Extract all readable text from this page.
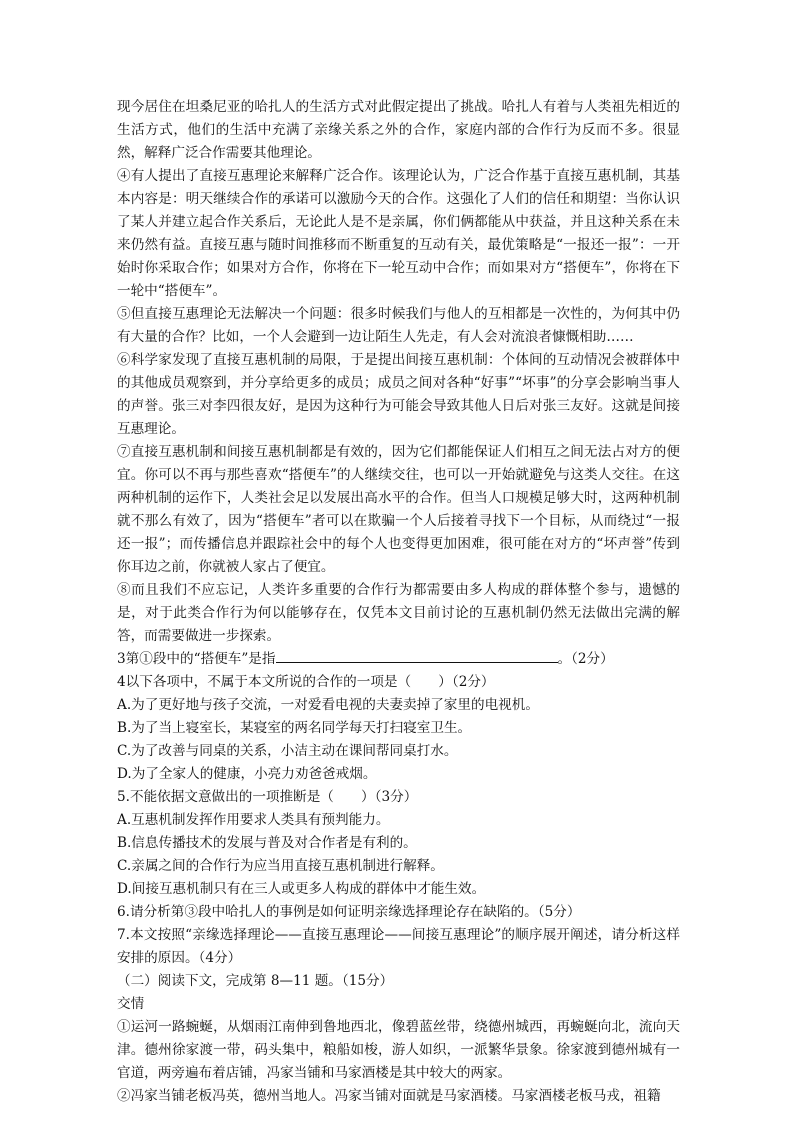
现今居住在坦桑尼亚的哈扎人的生活方式对此假定提出了挑战。哈扎人有着与人类祖先相近的生活方式，他们的生活中充满了亲缘关系之外的合作，家庭内部的合作行为反而不多。很显然，解释广泛合作需要其他理论。

④有人提出了直接互惠理论来解释广泛合作。该理论认为，广泛合作基于直接互惠机制，其基本内容是：明天继续合作的承诺可以激励今天的合作。这强化了人们的信任和期望：当你认识了某人并建立起合作关系后，无论此人是不是亲属，你们俩都能从中获益，并且这种关系在未来仍然有益。直接互惠与随时间推移而不断重复的互动有关，最优策略是“一报还一报”：一开始时你采取合作；如果对方合作，你将在下一轮互动中合作；而如果对方“搭便车”，你将在下一轮中“搭便车”。

⑤但直接互惠理论无法解决一个问题：很多时候我们与他人的互相都是一次性的，为何其中仍有大量的合作？比如，一个人会避到一边让陌生人先走，有人会对流浪者慷慨相助……

⑥科学家发现了直接互惠机制的局限，于是提出间接互惠机制：个体间的互动情况会被群体中的其他成员观察到，并分享给更多的成员；成员之间对各种“好事”“坏事”的分享会影响当事人的声誉。张三对李四很友好，是因为这种行为可能会导致其他人日后对张三友好。这就是间接互惠理论。

⑦直接互惠机制和间接互惠机制都是有效的，因为它们都能保证人们相互之间无法占对方的便宜。你可以不再与那些喜欢“搭便车”的人继续交往，也可以一开始就避免与这类人交往。在这两种机制的运作下，人类社会足以发展出高水平的合作。但当人口规模足够大时，这两种机制就不那么有效了，因为“搭便车”者可以在欺骗一个人后接着寻找下一个目标，从而绕过“一报还一报”；而传播信息并跟踪社会中的每个人也变得更加困难，很可能在对方的“坏声誉”传到你耳边之前，你就被人家占了便宜。

⑧而且我们不应忘记，人类许多重要的合作行为都需要由多人构成的群体整个参与，遗憾的是，对于此类合作行为何以能够存在，仅凭本文目前讨论的互惠机制仍然无法做出完满的解答，而需要做进一步探索。

3第①段中的“搭便车”是指	。（2分）

4以下各项中，不属于本文所说的合作的一项是（　　）（2分）

A.为了更好地与孩子交流，一对爱看电视的夫妻卖掉了家里的电视机。

B.为了当上寝室长，某寝室的两名同学每天打扫寝室卫生。

C.为了改善与同桌的关系，小洁主动在课间帮同桌打水。

D.为了全家人的健康，小亮力劝爸爸戒烟。

5.不能依据文意做出的一项推断是（　　）（3分）

A.互惠机制发挥作用要求人类具有预判能力。

B.信息传播技术的发展与普及对合作者是有利的。

C.亲属之间的合作行为应当用直接互惠机制进行解释。

D.间接互惠机制只有在三人或更多人构成的群体中才能生效。

6.请分析第③段中哈扎人的事例是如何证明亲缘选择理论存在缺陷的。（5分）

7.本文按照“亲缘选择理论——直接互惠理论——间接互惠理论”的顺序展开阐述，请分析这样安排的原因。（4分）

（二）阅读下文，完成第 8—11 题。（15分）

交情

①运河一路蜿蜒，从烟雨江南伸到鲁地西北，像碧蓝丝带，绕德州城西，再蜿蜒向北，流向天津。德州徐家渡一带，码头集中，粮船如梭，游人如织，一派繁华景象。徐家渡到德州城有一官道，两旁遍布着店铺，冯家当铺和马家酒楼是其中较大的两家。

②冯家当铺老板冯英，德州当地人。冯家当铺对面就是马家酒楼。马家酒楼老板马戎，祖籍
